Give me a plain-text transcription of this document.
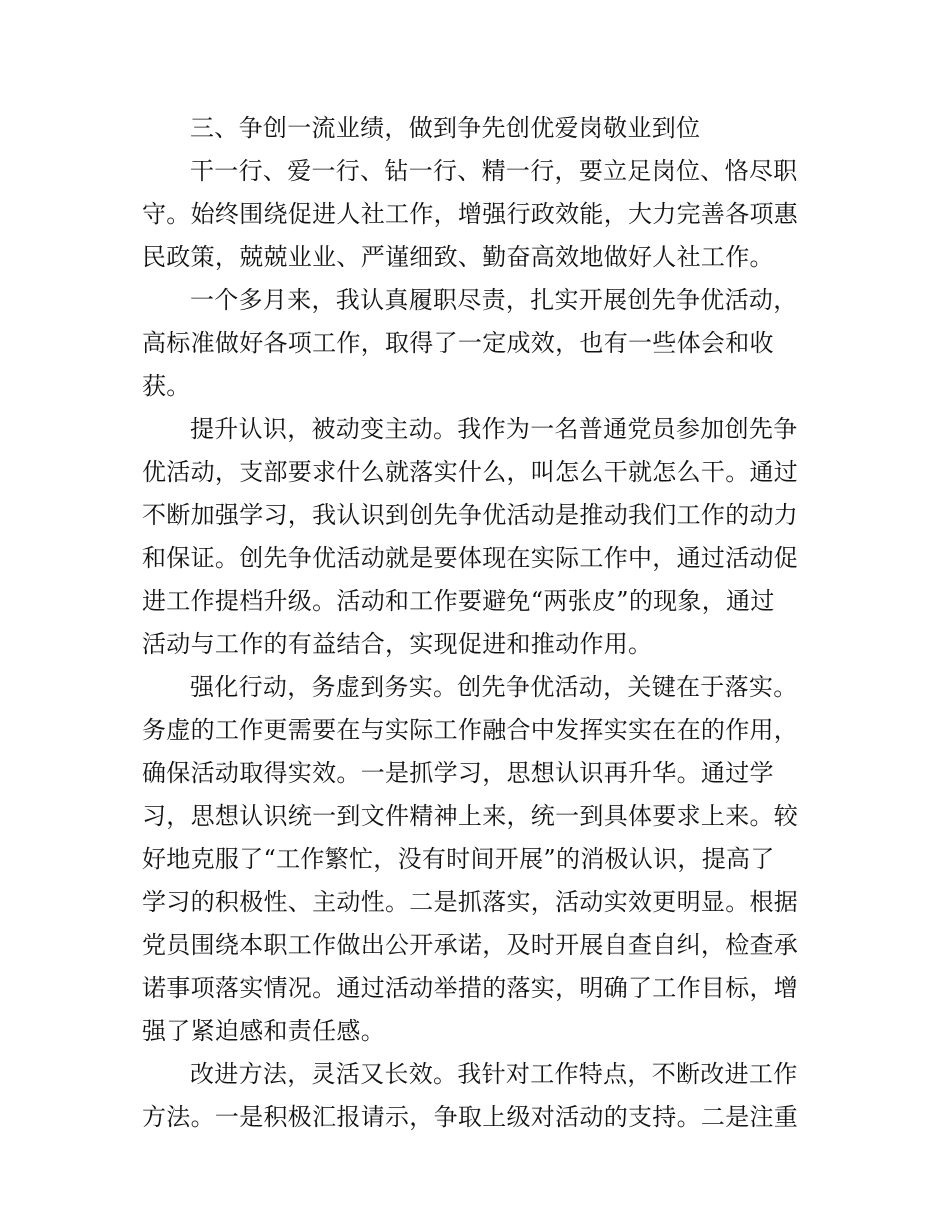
三、争创一流业绩，做到争先创优爱岗敬业到位
干一行、爱一行、钻一行、精一行，要立足岗位、恪尽职
守。始终围绕促进人社工作，增强行政效能，大力完善各项惠
民政策，兢兢业业、严谨细致、勤奋高效地做好人社工作。
一个多月来，我认真履职尽责，扎实开展创先争优活动，
高标准做好各项工作，取得了一定成效，也有一些体会和收
获。
提升认识，被动变主动。我作为一名普通党员参加创先争
优活动，支部要求什么就落实什么，叫怎么干就怎么干。通过
不断加强学习，我认识到创先争优活动是推动我们工作的动力
和保证。创先争优活动就是要体现在实际工作中，通过活动促
进工作提档升级。活动和工作要避免“两张皮”的现象，通过
活动与工作的有益结合，实现促进和推动作用。
强化行动，务虚到务实。创先争优活动，关键在于落实。
务虚的工作更需要在与实际工作融合中发挥实实在在的作用，
确保活动取得实效。一是抓学习，思想认识再升华。通过学
习，思想认识统一到文件精神上来，统一到具体要求上来。较
好地克服了“工作繁忙，没有时间开展”的消极认识，提高了
学习的积极性、主动性。二是抓落实，活动实效更明显。根据
党员围绕本职工作做出公开承诺，及时开展自查自纠，检查承
诺事项落实情况。通过活动举措的落实，明确了工作目标，增
强了紧迫感和责任感。
改进方法，灵活又长效。我针对工作特点，不断改进工作
方法。一是积极汇报请示，争取上级对活动的支持。二是注重
